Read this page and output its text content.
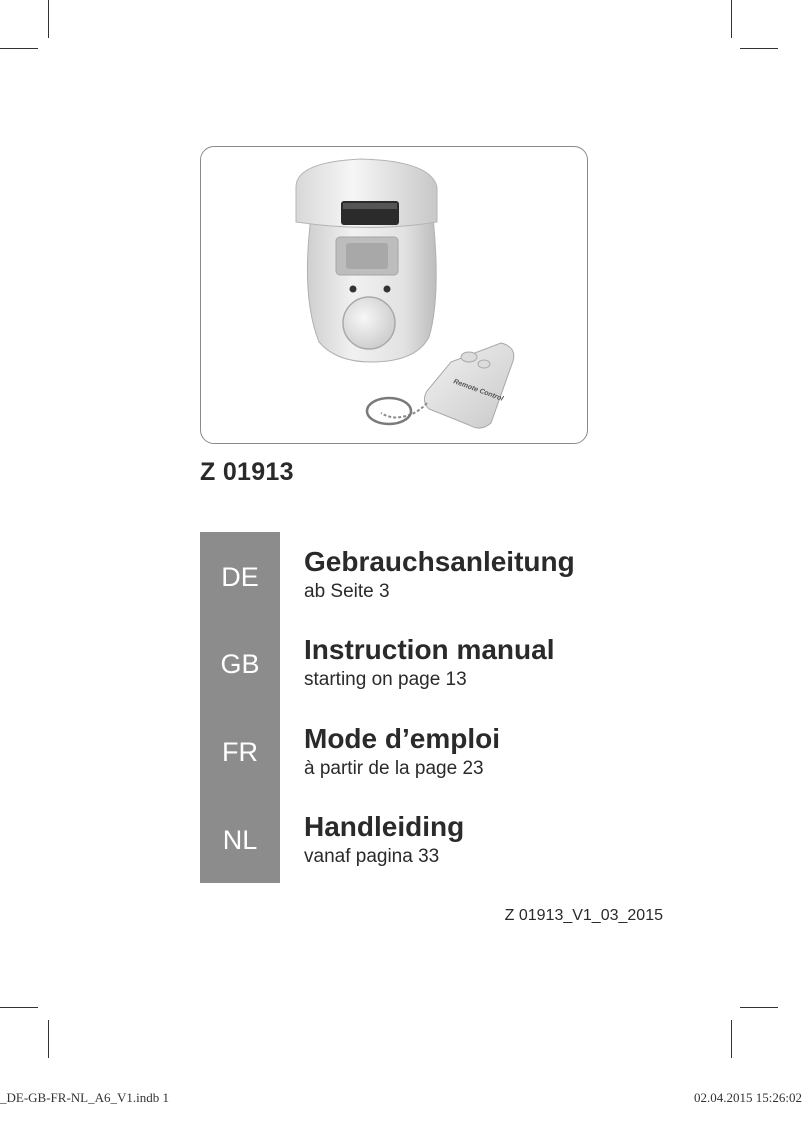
Remote Control
Z 01913
DE
GB
FR
NL
Gebrauchsanleitung
ab Seite 3
Instruction manual
starting on page 13
Mode d’emploi
à partir de la page 23
Handleiding
vanaf pagina 33
Z 01913_V1_03_2015
_DE-GB-FR-NL_A6_V1.indb 1	02.04.2015 15:26:02
